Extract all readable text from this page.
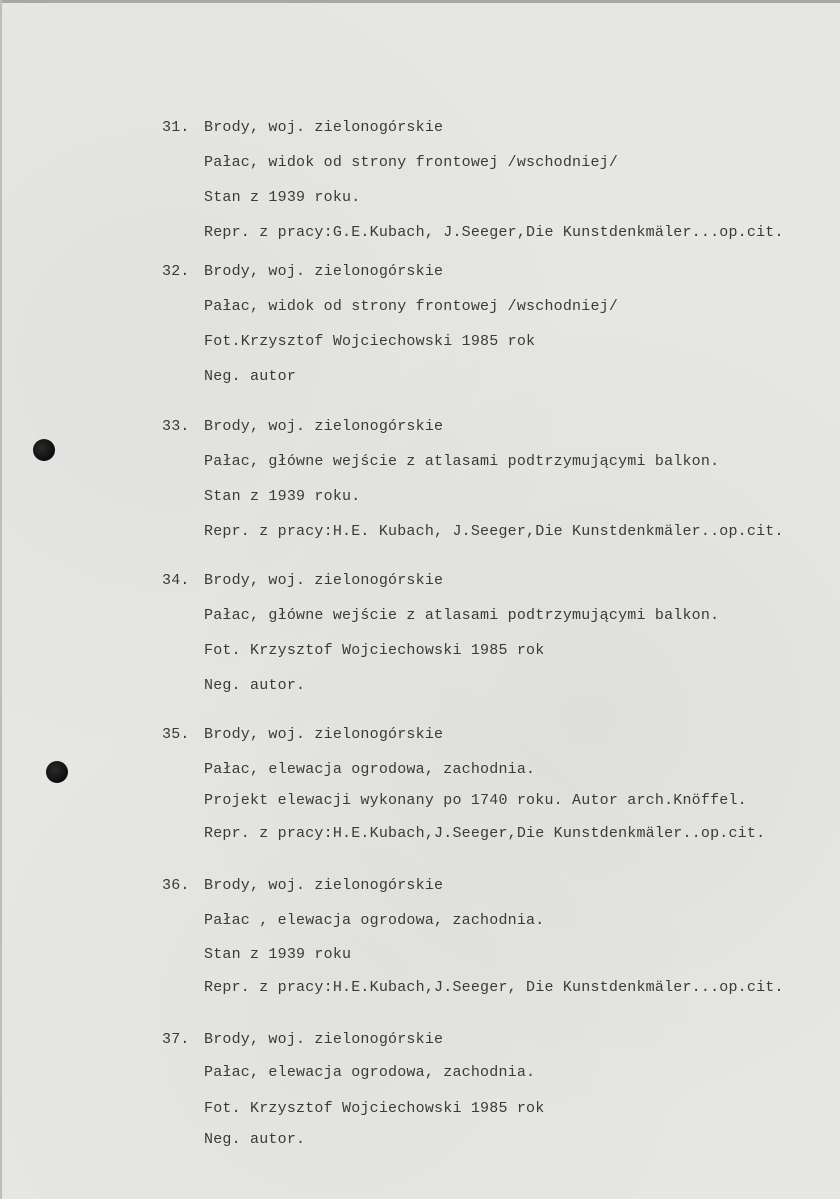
31. Brody, woj. zielonogórskie
Pałac, widok od strony frontowej /wschodniej/
Stan z 1939 roku.
Repr. z pracy:G.E.Kubach, J.Seeger,Die Kunstdenkmäler...op.cit.
32. Brody, woj. zielonogórskie
Pałac, widok od strony frontowej /wschodniej/
Fot.Krzysztof Wojciechowski 1985 rok
Neg. autor
33. Brody, woj. zielonogórskie
Pałac, główne wejście z atlasami podtrzymującymi balkon.
Stan z 1939 roku.
Repr. z pracy:H.E. Kubach, J.Seeger,Die Kunstdenkmäler..op.cit.
34. Brody, woj. zielonogórskie
Pałac, główne wejście z atlasami podtrzymującymi balkon.
Fot. Krzysztof Wojciechowski 1985 rok
Neg. autor.
35. Brody, woj. zielonogórskie
Pałac, elewacja ogrodowa, zachodnia.
Projekt elewacji wykonany po 1740 roku. Autor arch.Knöffel.
Repr. z pracy:H.E.Kubach,J.Seeger,Die Kunstdenkmäler..op.cit.
36. Brody, woj. zielonogórskie
Pałac , elewacja ogrodowa, zachodnia.
Stan z 1939 roku
Repr. z pracy:H.E.Kubach,J.Seeger, Die Kunstdenkmäler...op.cit.
37. Brody, woj. zielonogórskie
Pałac, elewacja ogrodowa, zachodnia.
Fot. Krzysztof Wojciechowski 1985 rok
Neg. autor.
